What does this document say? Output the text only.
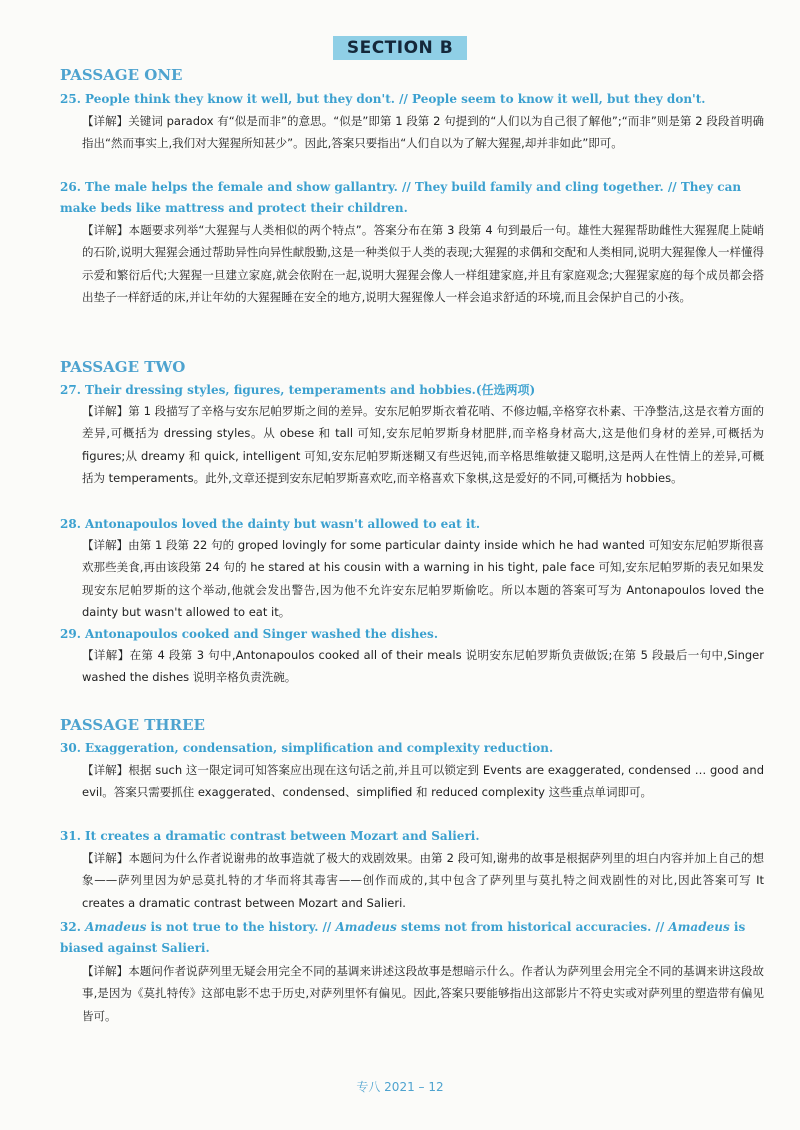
SECTION B
PASSAGE ONE
25. People think they know it well, but they don't. // People seem to know it well, but they don't.
【详解】关键词 paradox 有“似是而非”的意思。“似是”即第 1 段第 2 句提到的“人们以为自己很了解他”;“而非”则是第 2 段段首明确指出“然而事实上,我们对大猩猩所知甚少”。因此,答案只要指出“人们自以为了解大猩猩,却并非如此”即可。
26. The male helps the female and show gallantry. // They build family and cling together. // They can make beds like mattress and protect their children.
【详解】本题要求列举“大猩猩与人类相似的两个特点”。答案分布在第 3 段第 4 句到最后一句。雄性大猩猩帮助雌性大猩猩爬上陡峭的石阶,说明大猩猩会通过帮助异性向异性献殷勤,这是一种类似于人类的表现;大猩猩的求偶和交配和人类相同,说明大猩猩像人一样懂得示爱和繁衍后代;大猩猩一旦建立家庭,就会依附在一起,说明大猩猩会像人一样组建家庭,并且有家庭观念;大猩猩家庭的每个成员都会搭出垫子一样舒适的床,并让年幼的大猩猩睡在安全的地方,说明大猩猩像人一样会追求舒适的环境,而且会保护自己的小孩。
PASSAGE TWO
27. Their dressing styles, figures, temperaments and hobbies.(任选两项)
【详解】第 1 段描写了辛格与安东尼帕罗斯之间的差异。安东尼帕罗斯衣着花哨、不修边幅,辛格穿衣朴素、干净整洁,这是衣着方面的差异,可概括为 dressing styles。从 obese 和 tall 可知,安东尼帕罗斯身材肥胖,而辛格身材高大,这是他们身材的差异,可概括为 figures;从 dreamy 和 quick, intelligent 可知,安东尼帕罗斯迷糊又有些迟钝,而辛格思维敏捷又聪明,这是两人在性情上的差异,可概括为 temperaments。此外,文章还提到安东尼帕罗斯喜欢吃,而辛格喜欢下象棋,这是爱好的不同,可概括为 hobbies。
28. Antonapoulos loved the dainty but wasn't allowed to eat it.
【详解】由第 1 段第 22 句的 groped lovingly for some particular dainty inside which he had wanted 可知安东尼帕罗斯很喜欢那些美食,再由该段第 24 句的 he stared at his cousin with a warning in his tight, pale face 可知,安东尼帕罗斯的表兄如果发现安东尼帕罗斯的这个举动,他就会发出警告,因为他不允许安东尼帕罗斯偷吃。所以本题的答案可写为 Antonapoulos loved the dainty but wasn't allowed to eat it。
29. Antonapoulos cooked and Singer washed the dishes.
【详解】在第 4 段第 3 句中,Antonapoulos cooked all of their meals 说明安东尼帕罗斯负责做饭;在第 5 段最后一句中,Singer washed the dishes 说明辛格负责洗碗。
PASSAGE THREE
30. Exaggeration, condensation, simplification and complexity reduction.
【详解】根据 such 这一限定词可知答案应出现在这句话之前,并且可以锁定到 Events are exaggerated, condensed … good and evil。答案只需要抓住 exaggerated、condensed、simplified 和 reduced complexity 这些重点单词即可。
31. It creates a dramatic contrast between Mozart and Salieri.
【详解】本题问为什么作者说谢弗的故事造就了极大的戏剧效果。由第 2 段可知,谢弗的故事是根据萨列里的坦白内容并加上自己的想象——萨列里因为妒忌莫扎特的才华而将其毒害——创作而成的,其中包含了萨列里与莫扎特之间戏剧性的对比,因此答案可写 It creates a dramatic contrast between Mozart and Salieri.
32. Amadeus is not true to the history. // Amadeus stems not from historical accuracies. // Amadeus is biased against Salieri.
【详解】本题问作者说萨列里无疑会用完全不同的基调来讲述这段故事是想暗示什么。作者认为萨列里会用完全不同的基调来讲这段故事,是因为《莫扎特传》这部电影不忠于历史,对萨列里怀有偏见。因此,答案只要能够指出这部影片不符史实或对萨列里的塑造带有偏见皆可。
专八 2021 – 12
